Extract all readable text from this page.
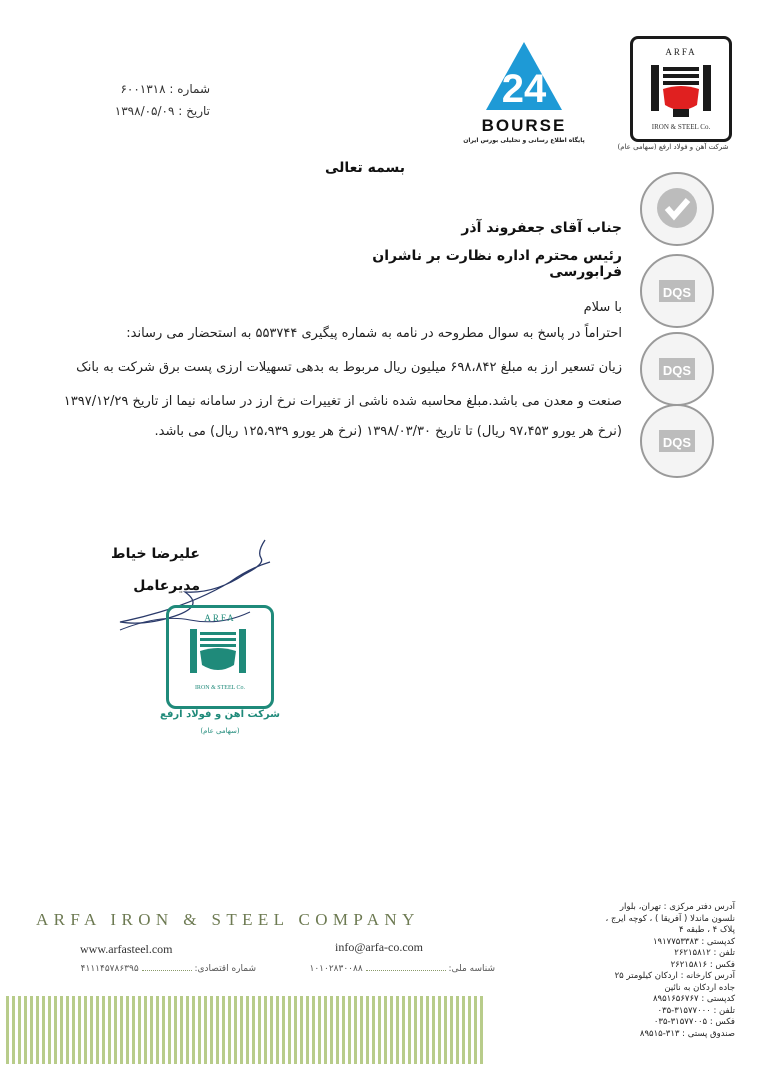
شماره : ۶۰۰۱۳۱۸
تاریخ : ۱۳۹۸/۰۵/۰۹	24
BOURSE
پایگاه اطلاع رسانی و تحلیلی بورس ایران
ARFA
IRON & STEEL Co.
شرکت آهن و فولاد ارفع (سهامی عام)
DQS
DQS
DQS
بسمه تعالی
جناب آقای جعفروند آذر
رئیس محترم اداره نظارت بر ناشران فرابورسی
با سلام
احتراماً در پاسخ به سوال مطروحه در نامه به شماره پیگیری ۵۵۳۷۴۴ به استحضار می رساند:
زیان تسعیر ارز به مبلغ ۶۹۸،۸۴۲ میلیون ریال مربوط به بدهی تسهیلات ارزی پست برق شرکت به بانک
صنعت و معدن می باشد.مبلغ محاسبه شده ناشی از تغییرات نرخ ارز در سامانه نیما از تاریخ ۱۳۹۷/۱۲/۲۹
(نرخ هر یورو ۹۷،۴۵۳ ریال) تا تاریخ ۱۳۹۸/۰۳/۳۰ (نرخ هر یورو ۱۲۵،۹۳۹ ریال) می باشد.
علیرضا خیاط
مدیرعامل
ARFA
IRON & STEEL Co.
شرکت آهن و فولاد ارفع
(سهامی عام)
ARFA IRON & STEEL COMPANY
www.arfasteel.com	info@arfa-co.com
شماره اقتصادی:  ۴۱۱۱۴۵۷۸۶۳۹۵	شناسه ملی:  ۱۰۱۰۲۸۳۰۰۸۸
آدرس دفتر مرکزی : تهران، بلوار
نلسون ماندلا ( آفریقا ) ، کوچه ایرج ،
پلاک ۴ ، طبقه ۴
کدپستی : ۱۹۱۷۷۵۳۳۸۳
تلفن : ۲۶۲۱۵۸۱۲
فکس : ۲۶۲۱۵۸۱۶
آدرس کارخانه : اردکان کیلومتر ۲۵
جاده اردکان به نائین
کدپستی : ۸۹۵۱۶۵۶۷۶۷
تلفن : ۳۱۵۷۷۰۰۰-۰۳۵
فکس : ۳۱۵۷۷۰۰۵-۰۳۵
صندوق پستی : ۳۱۳-۸۹۵۱۵
